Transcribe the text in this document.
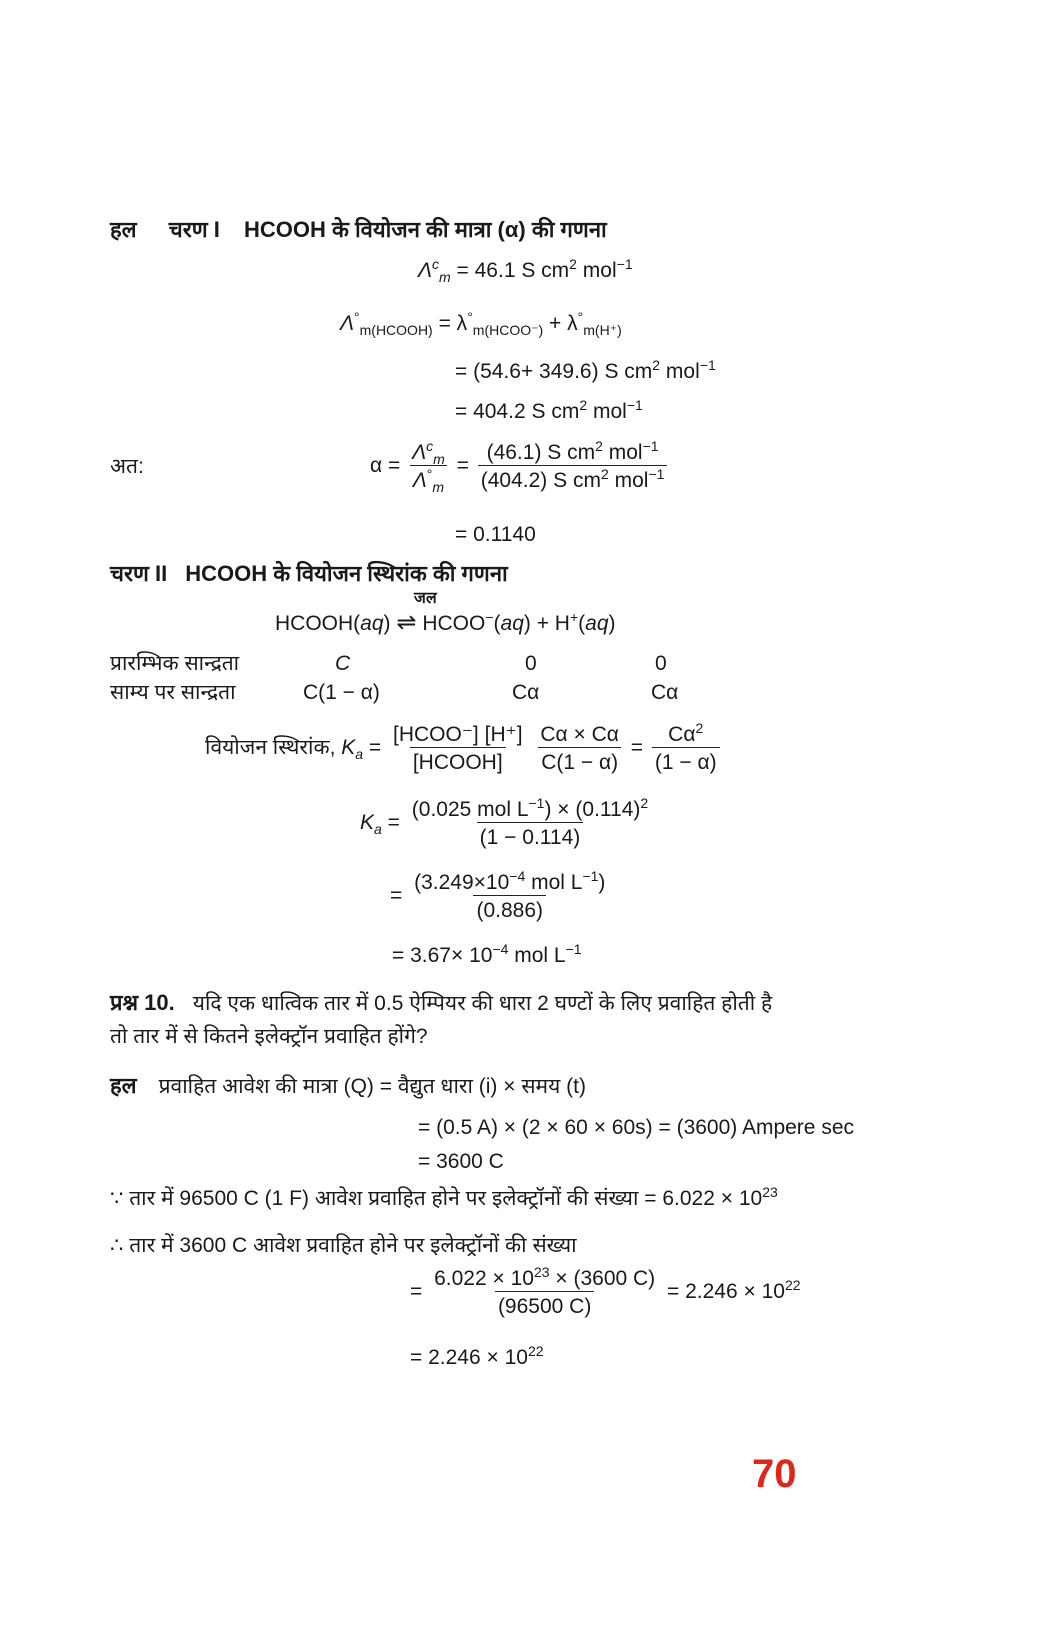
हल चरण I HCOOH के वियोजन की मात्रा (α) की गणना
$\Lambda^c_m = 46.1$ S $cm^2$ mol$^{-1}$
$\Lambda^\circ_{m(HCOOH)} = \lambda^\circ_{m(HCOO^-)} + \lambda^\circ_{m(H^+)}$
= (54.6+ 349.6) S $cm^2$ mol$^{-1}$
= 404.2 S $cm^2$ mol$^{-1}$
अत:	$\alpha = \frac{\Lambda^c_m}{\Lambda^\circ_m} = \frac{(46.1) S cm^2 mol^{-1}}{(404.2) S cm^2 mol^{-1}}$
= 0.1140
चरण II HCOOH के वियोजन स्थिरांक की गणना
जल
HCOOH(aq) ⇌ HCOO−(aq) + H+(aq)
प्रारम्भिक सान्द्रता	C	0	0
साम्य पर सान्द्रता	C(1 − α)	Cα	Cα
वियोजन स्थिरांक, $K_a = \frac{\text{[HCOO⁻] [H⁺]}}{\text{[HCOOH]}}$
$\frac{C\alpha \times C\alpha}{C(1 - \alpha)} = \frac{C\alpha^2}{(1 - \alpha)}$
$K_a = \frac{(0.025 mol L^{-1}) \times (0.114)^2}{(1 - 0.114)}$
= $\frac{(3.249\times 10^{-4} mol L^{-1})}{(0.886)}$
= $3.67\times 10^{-4}$ mol $L^{-1}$
प्रश्न 10. यदि एक धात्विक तार में 0.5 ऐम्पियर की धारा 2 घण्टों के लिए प्रवाहित होती है
तो तार में से कितने इलेक्ट्रॉन प्रवाहित होंगे?
हल प्रवाहित आवेश की मात्रा (Q) = वैद्युत धारा (i) × समय (t)
= (0.5 A) × (2 × 60 × 60s) = (3600) Ampere sec
= 3600 C
∵ तार में 96500 C (1 F) आवेश प्रवाहित होने पर इलेक्ट्रॉनों की संख्या = $6.022 \times 10^{23}$
∴ तार में 3600 C आवेश प्रवाहित होने पर इलेक्ट्रॉनों की संख्या
= $\frac{6.022 \times 10^{23} \times (3600 C)}{(96500 C)} = 2.246 \times 10^{22}$
= $2.246 \times 10^{22}$
70
